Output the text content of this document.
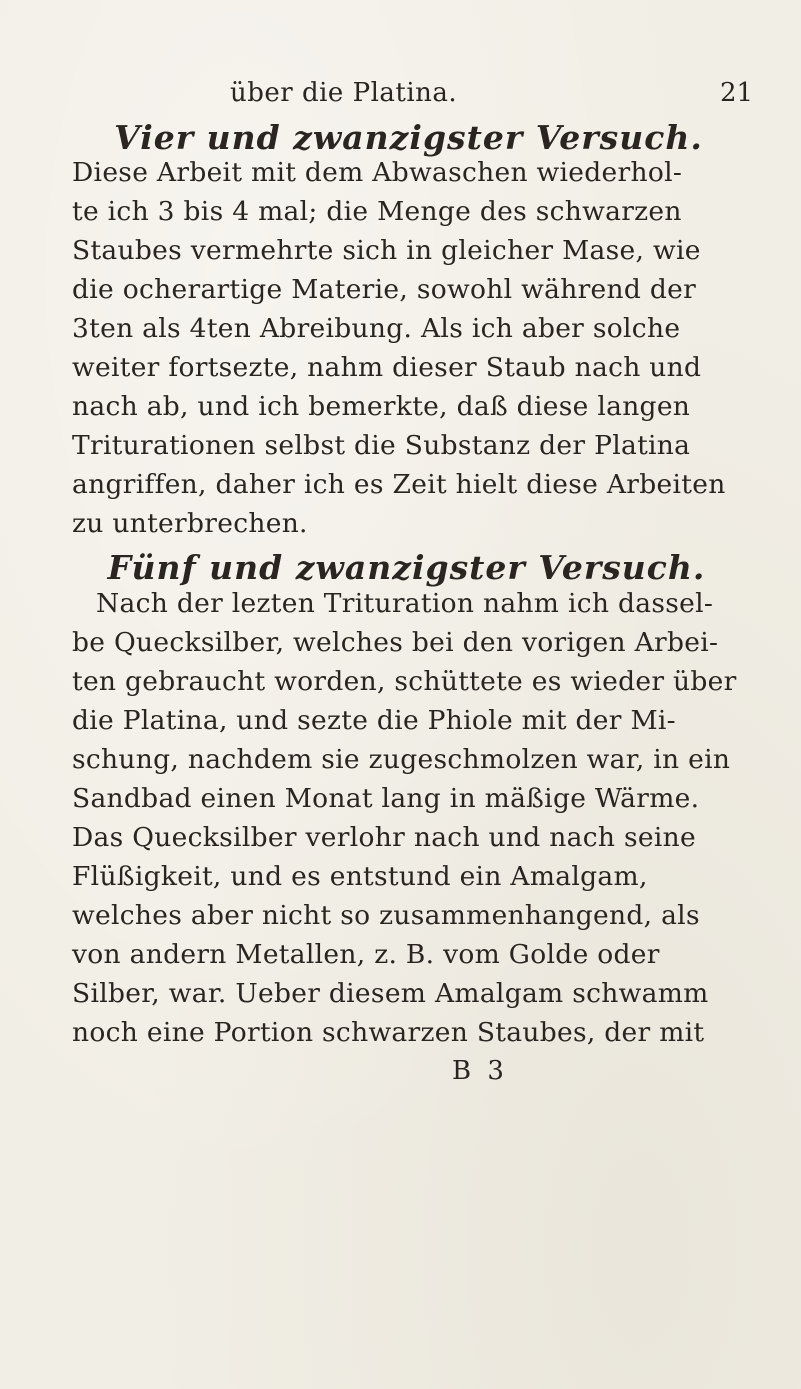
über die Platina.	21
Vier und zwanzigster Versuch.
Diese Arbeit mit dem Abwaschen wiederhol-
te ich 3 bis 4 mal; die Menge des schwarzen
Staubes vermehrte sich in gleicher Mase, wie
die ocherartige Materie, sowohl während der
3ten als 4ten Abreibung. Als ich aber solche
weiter fortsezte, nahm dieser Staub nach und
nach ab, und ich bemerkte, daß diese langen
Triturationen selbst die Substanz der Platina
angriffen, daher ich es Zeit hielt diese Arbeiten
zu unterbrechen.
Fünf und zwanzigster Versuch.
Nach der lezten Trituration nahm ich dassel-
be Quecksilber, welches bei den vorigen Arbei-
ten gebraucht worden, schüttete es wieder über
die Platina, und sezte die Phiole mit der Mi-
schung, nachdem sie zugeschmolzen war, in ein
Sandbad einen Monat lang in mäßige Wärme.
Das Quecksilber verlohr nach und nach seine
Flüßigkeit, und es entstund ein Amalgam,
welches aber nicht so zusammenhangend, als
von andern Metallen, z. B. vom Golde oder
Silber, war. Ueber diesem Amalgam schwamm
noch eine Portion schwarzen Staubes, der mit
B 3
